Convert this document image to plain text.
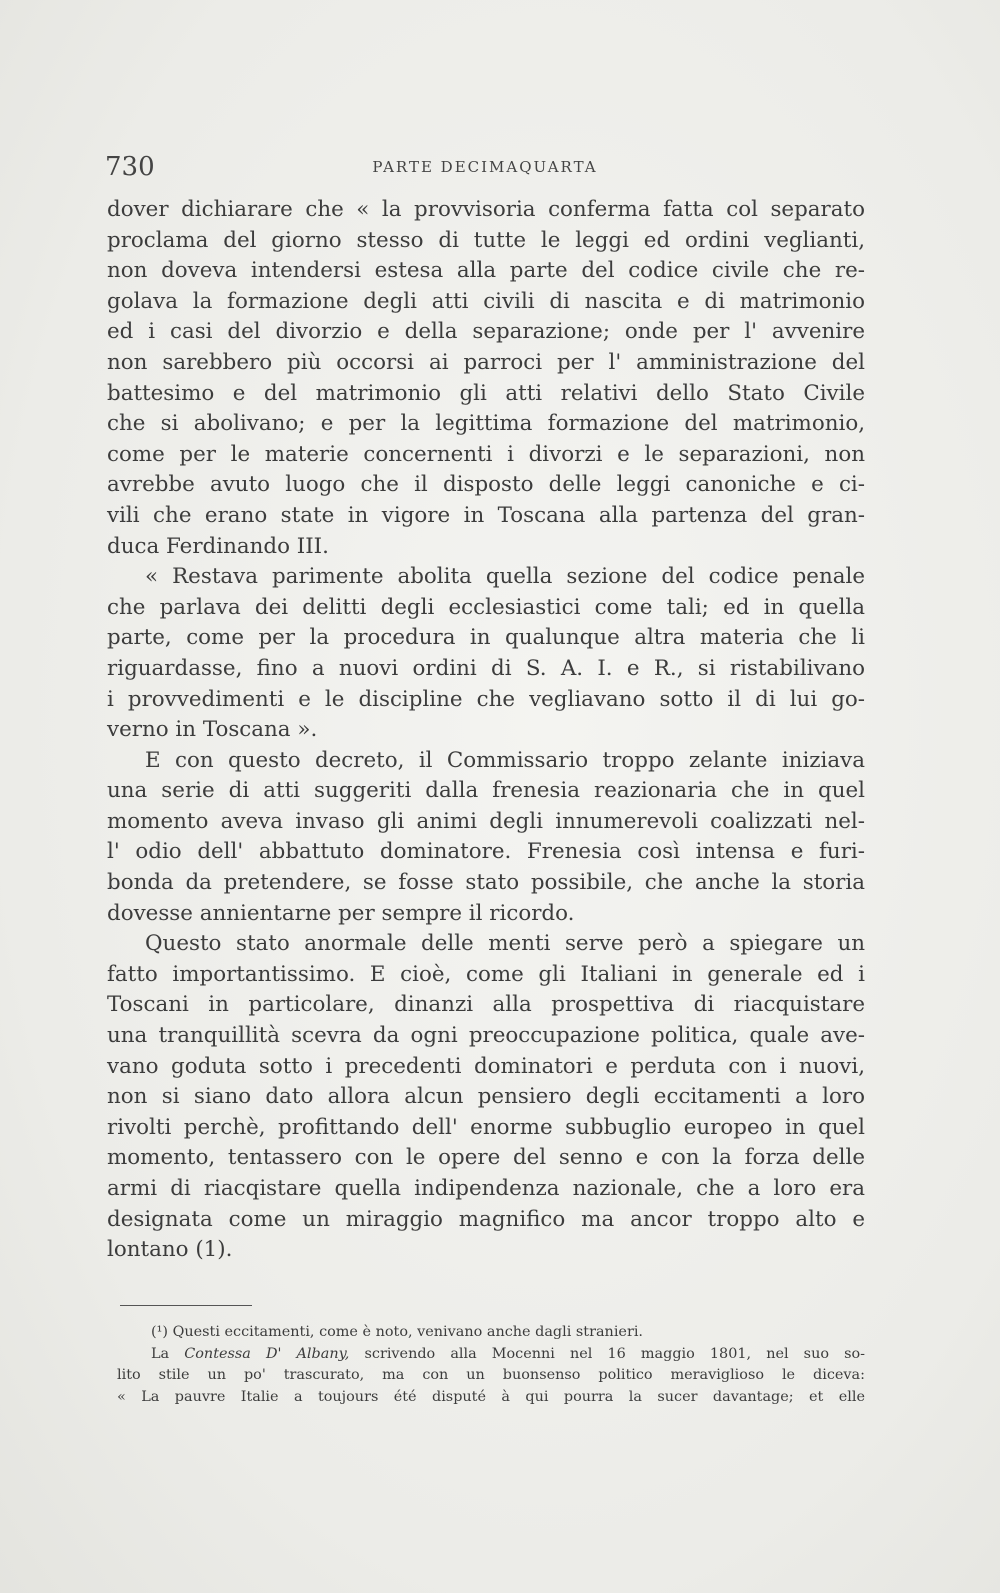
730	PARTE DECIMAQUARTA
dover dichiarare che « la provvisoria conferma fatta col separato
proclama del giorno stesso di tutte le leggi ed ordini veglianti,
non doveva intendersi estesa alla parte del codice civile che re-
golava la formazione degli atti civili di nascita e di matrimonio
ed i casi del divorzio e della separazione; onde per l' avvenire
non sarebbero più occorsi ai parroci per l' amministrazione del
battesimo e del matrimonio gli atti relativi dello Stato Civile
che si abolivano; e per la legittima formazione del matrimonio,
come per le materie concernenti i divorzi e le separazioni, non
avrebbe avuto luogo che il disposto delle leggi canoniche e ci-
vili che erano state in vigore in Toscana alla partenza del gran-
duca Ferdinando III.
« Restava parimente abolita quella sezione del codice penale
che parlava dei delitti degli ecclesiastici come tali; ed in quella
parte, come per la procedura in qualunque altra materia che li
riguardasse, fino a nuovi ordini di S. A. I. e R., si ristabilivano
i provvedimenti e le discipline che vegliavano sotto il di lui go-
verno in Toscana ».
E con questo decreto, il Commissario troppo zelante iniziava
una serie di atti suggeriti dalla frenesia reazionaria che in quel
momento aveva invaso gli animi degli innumerevoli coalizzati nel-
l' odio dell' abbattuto dominatore. Frenesia così intensa e furi-
bonda da pretendere, se fosse stato possibile, che anche la storia
dovesse annientarne per sempre il ricordo.
Questo stato anormale delle menti serve però a spiegare un
fatto importantissimo. E cioè, come gli Italiani in generale ed i
Toscani in particolare, dinanzi alla prospettiva di riacquistare
una tranquillità scevra da ogni preoccupazione politica, quale ave-
vano goduta sotto i precedenti dominatori e perduta con i nuovi,
non si siano dato allora alcun pensiero degli eccitamenti a loro
rivolti perchè, profittando dell' enorme subbuglio europeo in quel
momento, tentassero con le opere del senno e con la forza delle
armi di riacqistare quella indipendenza nazionale, che a loro era
designata come un miraggio magnifico ma ancor troppo alto e
lontano (1).
(¹) Questi eccitamenti, come è noto, venivano anche dagli stranieri.
La Contessa D' Albany, scrivendo alla Mocenni nel 16 maggio 1801, nel suo so-
lito stile un po' trascurato, ma con un buonsenso politico meraviglioso le diceva:
« La pauvre Italie a toujours été disputé à qui pourra la sucer davantage; et elle
